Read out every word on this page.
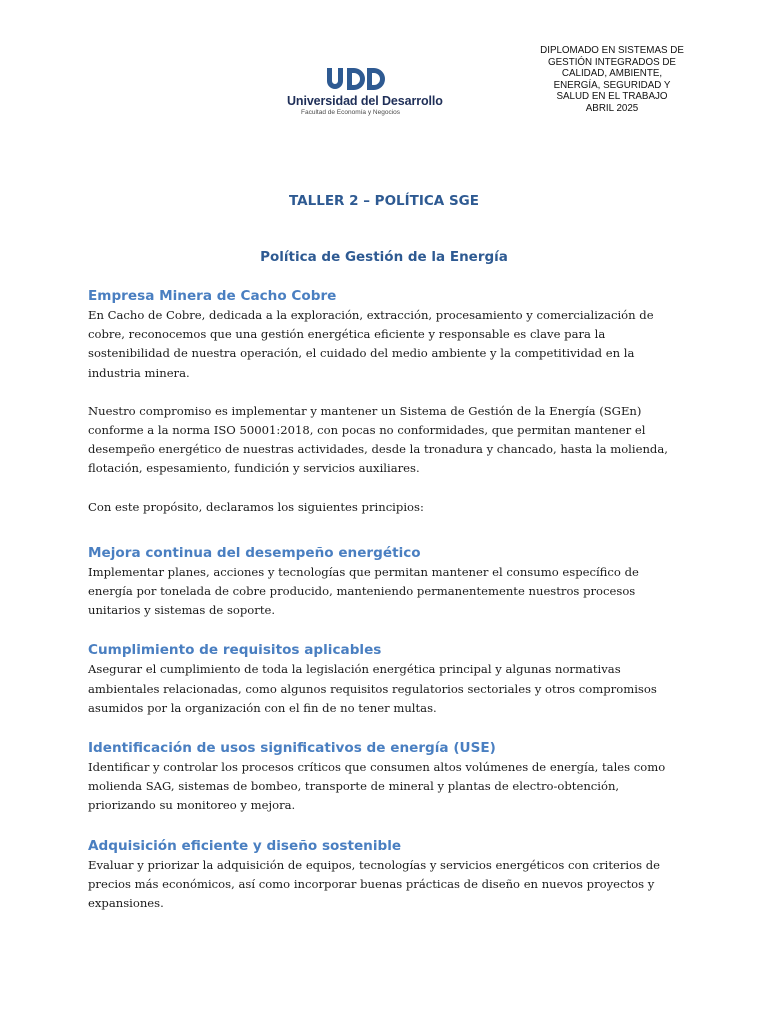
Universidad del Desarrollo
Facultad de Economía y Negocios
DIPLOMADO EN SISTEMAS DE
GESTIÓN INTEGRADOS DE
CALIDAD, AMBIENTE,
ENERGÍA, SEGURIDAD Y
SALUD EN EL TRABAJO
ABRIL 2025
TALLER 2 – POLÍTICA SGE
Política de Gestión de la Energía
Empresa Minera de Cacho Cobre

En Cacho de Cobre, dedicada a la exploración, extracción, procesamiento y comercialización de
cobre, reconocemos que una gestión energética eficiente y responsable es clave para la
sostenibilidad de nuestra operación, el cuidado del medio ambiente y la competitividad en la
industria minera.

Nuestro compromiso es implementar y mantener un Sistema de Gestión de la Energía (SGEn)
conforme a la norma ISO 50001:2018, con pocas no conformidades, que permitan mantener el
desempeño energético de nuestras actividades, desde la tronadura y chancado, hasta la molienda,
flotación, espesamiento, fundición y servicios auxiliares.

Con este propósito, declaramos los siguientes principios:

Mejora continua del desempeño energético

Implementar planes, acciones y tecnologías que permitan mantener el consumo específico de
energía por tonelada de cobre producido, manteniendo permanentemente nuestros procesos
unitarios y sistemas de soporte.

Cumplimiento de requisitos aplicables

Asegurar el cumplimiento de toda la legislación energética principal y algunas normativas
ambientales relacionadas, como algunos requisitos regulatorios sectoriales y otros compromisos
asumidos por la organización con el fin de no tener multas.

Identificación de usos significativos de energía (USE)

Identificar y controlar los procesos críticos que consumen altos volúmenes de energía, tales como
molienda SAG, sistemas de bombeo, transporte de mineral y plantas de electro-obtención,
priorizando su monitoreo y mejora.

Adquisición eficiente y diseño sostenible

Evaluar y priorizar la adquisición de equipos, tecnologías y servicios energéticos con criterios de
precios más económicos, así como incorporar buenas prácticas de diseño en nuevos proyectos y
expansiones.
